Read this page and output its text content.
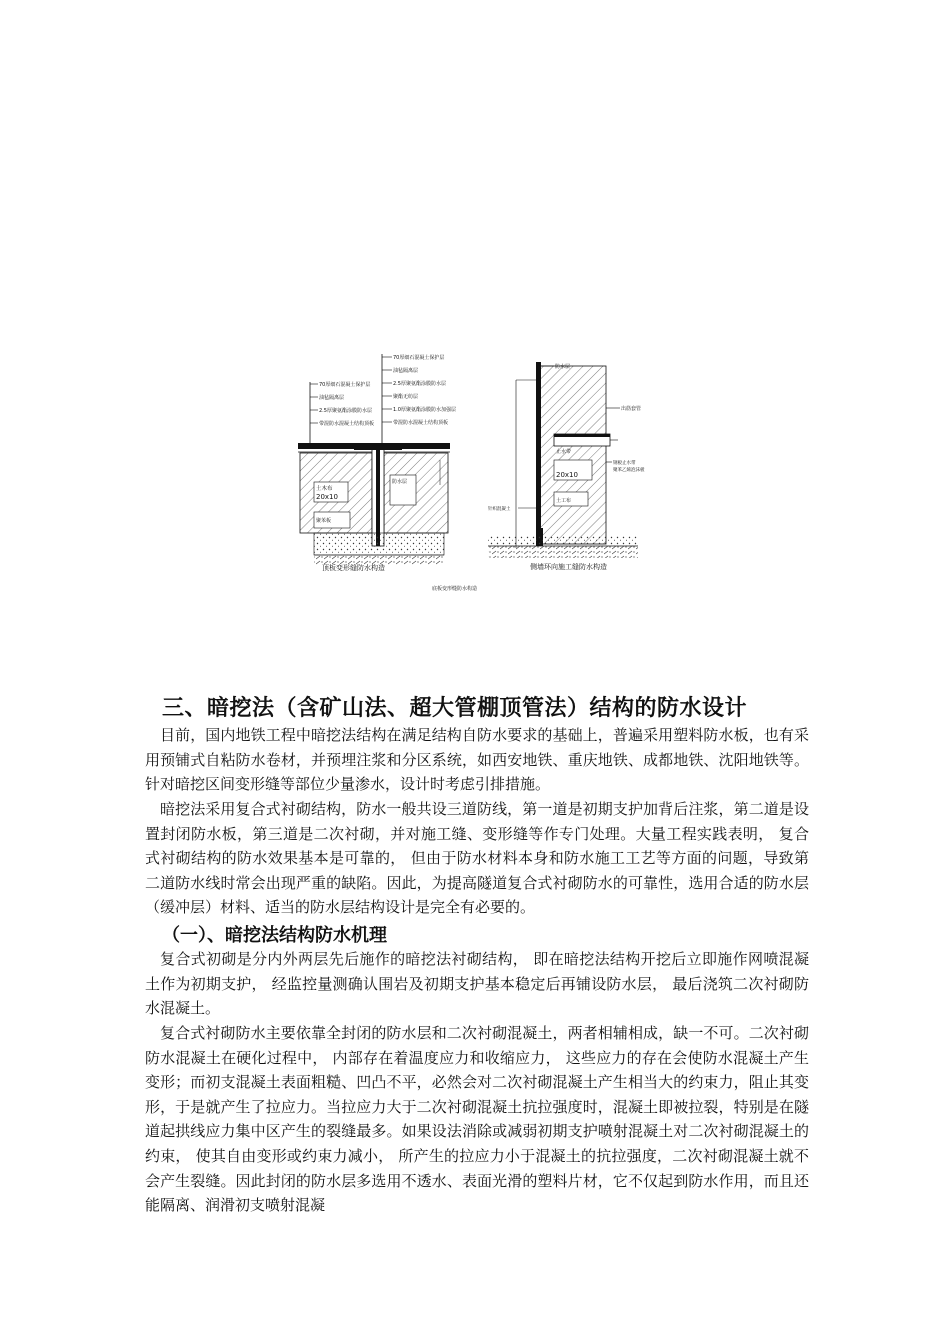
70厚细石混凝土保护层
油毡隔离层
2.5厚聚氨酯涂膜防水层
带混防水混凝土结构顶板
70厚细石混凝土保护层
油毡隔离层
2.5厚聚氨酯涂膜防水层
聚酯无纺层
1.0厚聚氨酯涂膜防水加强层
带混防水混凝土结构顶板
土木布
20x10
防水层
聚苯板
顶板变形缝防水构造
防水层
出筋套管
钢板止水带
聚苯乙烯泡沫板
针织混凝土
20x10
土工布
止水带
侧墙环向施工缝防水构造
底板变形缝防水构造
三、暗挖法（含矿山法、超大管棚顶管法）结构的防水设计

目前，国内地铁工程中暗挖法结构在满足结构自防水要求的基础上，普遍采用塑料防水板，也有采用预铺式自粘防水卷材，并预埋注浆和分区系统，如西安地铁、重庆地铁、成都地铁、沈阳地铁等。针对暗挖区间变形缝等部位少量渗水，设计时考虑引排措施。

暗挖法采用复合式衬砌结构，防水一般共设三道防线，第一道是初期支护加背后注浆，第二道是设置封闭防水板，第三道是二次衬砌，并对施工缝、变形缝等作专门处理。大量工程实践表明， 复合式衬砌结构的防水效果基本是可靠的， 但由于防水材料本身和防水施工工艺等方面的问题，导致第二道防水线时常会出现严重的缺陷。因此，为提高隧道复合式衬砌防水的可靠性，选用合适的防水层（缓冲层）材料、适当的防水层结构设计是完全有必要的。

（一）、暗挖法结构防水机理

复合式初砌是分内外两层先后施作的暗挖法衬砌结构， 即在暗挖法结构开挖后立即施作网喷混凝土作为初期支护， 经监控量测确认围岩及初期支护基本稳定后再铺设防水层， 最后浇筑二次衬砌防水混凝土。

复合式衬砌防水主要依靠全封闭的防水层和二次衬砌混凝土，两者相辅相成，缺一不可。二次衬砌防水混凝土在硬化过程中， 内部存在着温度应力和收缩应力， 这些应力的存在会使防水混凝土产生变形；而初支混凝土表面粗糙、凹凸不平，必然会对二次衬砌混凝土产生相当大的约束力，阻止其变形，于是就产生了拉应力。当拉应力大于二次衬砌混凝土抗拉强度时，混凝土即被拉裂，特别是在隧道起拱线应力集中区产生的裂缝最多。如果设法消除或减弱初期支护喷射混凝土对二次衬砌混凝土的约束， 使其自由变形或约束力减小， 所产生的拉应力小于混凝土的抗拉强度，二次衬砌混凝土就不会产生裂缝。因此封闭的防水层多选用不透水、表面光滑的塑料片材，它不仅起到防水作用，而且还能隔离、润滑初支喷射混凝
